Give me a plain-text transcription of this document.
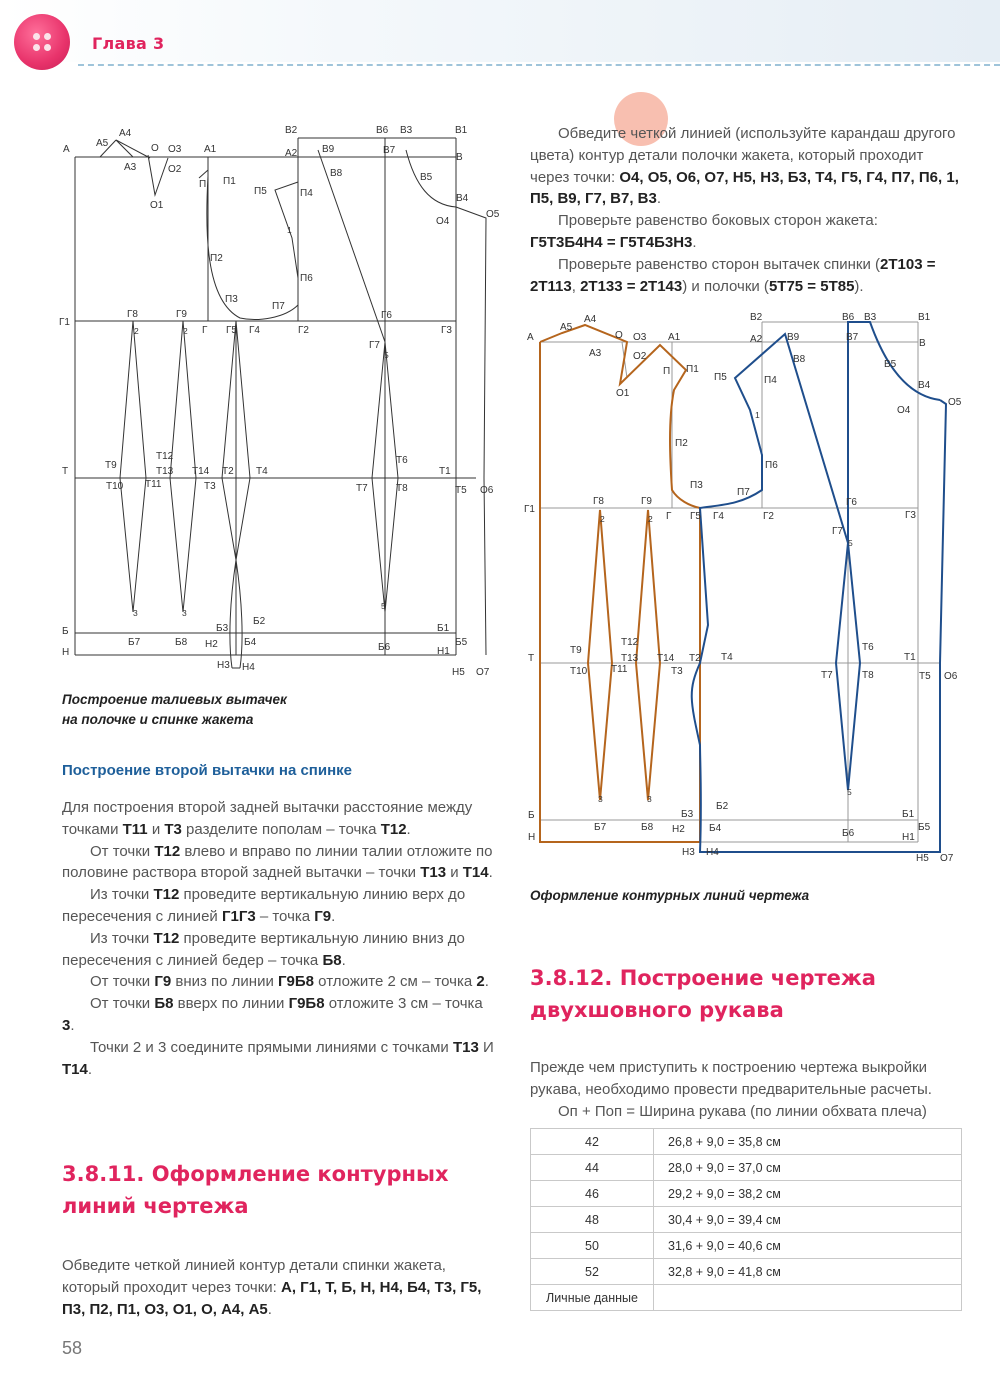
Глава 3
А
А5
А4
А3
О О3
О2
О1
А1
П П1
В2
А2 В9
В8
П5	П4
1
П2
П6
П3
П7
В6 В3	В1
В7
В
В5
В4
О5
О4
Г1
Г8	Г9
Г Г5 Г4	Г2
Г6
Г3
Г7
2	2
5
Т
Т9
Т10 Т11
Т12
Т13 Т14 Т2
Т3
Т4
Т6
Т7	Т8
Т1
Т5 О6
3	3
5
Б
Б7	Б8
Б3
Б2
Б4	Б6
Б1
Б5
Н
Н2
Н3 Н4
Н1
Н5 О7
Построение талиевых вытачек
на полочке и спинке жакета
Построение второй вытачки на спинке

Для построения второй задней вытачки расстояние между точками Т11 и Т3 разделите пополам – точка Т12.

От точки Т12 влево и вправо по линии талии отложите по половине раствора второй задней вытачки – точки Т13 и Т14.

Из точки Т12 проведите вертикальную линию верх до пересечения с линией Г1Г3 – точка Г9.

Из точки Т12 проведите вертикальную линию вниз до пересечения с линией бедер – точка Б8.

От точки Г9 вниз по линии Г9Б8 отложите 2 см – точка 2.

От точки Б8 вверх по линии Г9Б8 отложите 3 см – точка 3.

Точки 2 и 3 соедините прямыми линиями с точками Т13 И Т14.

3.8.11. Оформление контурных
линий чертежа

Обведите четкой линией контур детали спинки жакета, который проходит через точки: А, Г1, Т, Б, Н, Н4, Б4, Т3, Г5, П3, П2, П1, О3, О1, О, А4, А5.

58

Обведите четкой линией (используйте карандаш другого цвета) контур детали полочки жакета, который проходит через точки: О4, О5, О6, О7, Н5, Н3, Б3, Т4, Г5, Г4, П7, П6, 1, П5, В9, Г7, В7, В3.

Проверьте равенство боковых сторон жакета:

Г5Т3Б4Н4 = Г5Т4Б3Н3.

Проверьте равенство сторон вытачек спинки (2Т103 = 2Т113, 2Т133 = 2Т143) и полочки (5Т75 = 5Т85).

А
А5
А4
А3
О О3
О2
О1
А1
П П1
В2
А2 В9
В8
П5	П4
1
П2
П6
П3
П7
В6 В3	В1
В7
В
В5
В4
О5
О4
Г1
Г8	Г9
Г Г5 Г4	Г2
Г6
Г3
Г7
2	2
5
Т
Т9
Т10 Т11
Т12
Т13 Т14 Т2
Т3
Т4
Т6
Т7	Т8
Т1
Т5 О6
3	3
5
Б
Б7	Б8
Б3
Б2
Б4	Б6
Б1
Б5
Н
Н2
Н3 Н4
Н1
Н5 О7
Оформление контурных линий чертежа
3.8.12. Построение чертежа
двухшовного рукава

Прежде чем приступить к построению чертежа выкройки

рукава, необходимо провести предварительные расчеты.

Оп + Поп = Ширина рукава (по линии обхвата плеча)

42	26,8 + 9,0 = 35,8 см
44	28,0 + 9,0 = 37,0 см
46	29,2 + 9,0 = 38,2 см
48	30,4 + 9,0 = 39,4 см
50	31,6 + 9,0 = 40,6 см
52	32,8 + 9,0 = 41,8 см
Личные данные	
